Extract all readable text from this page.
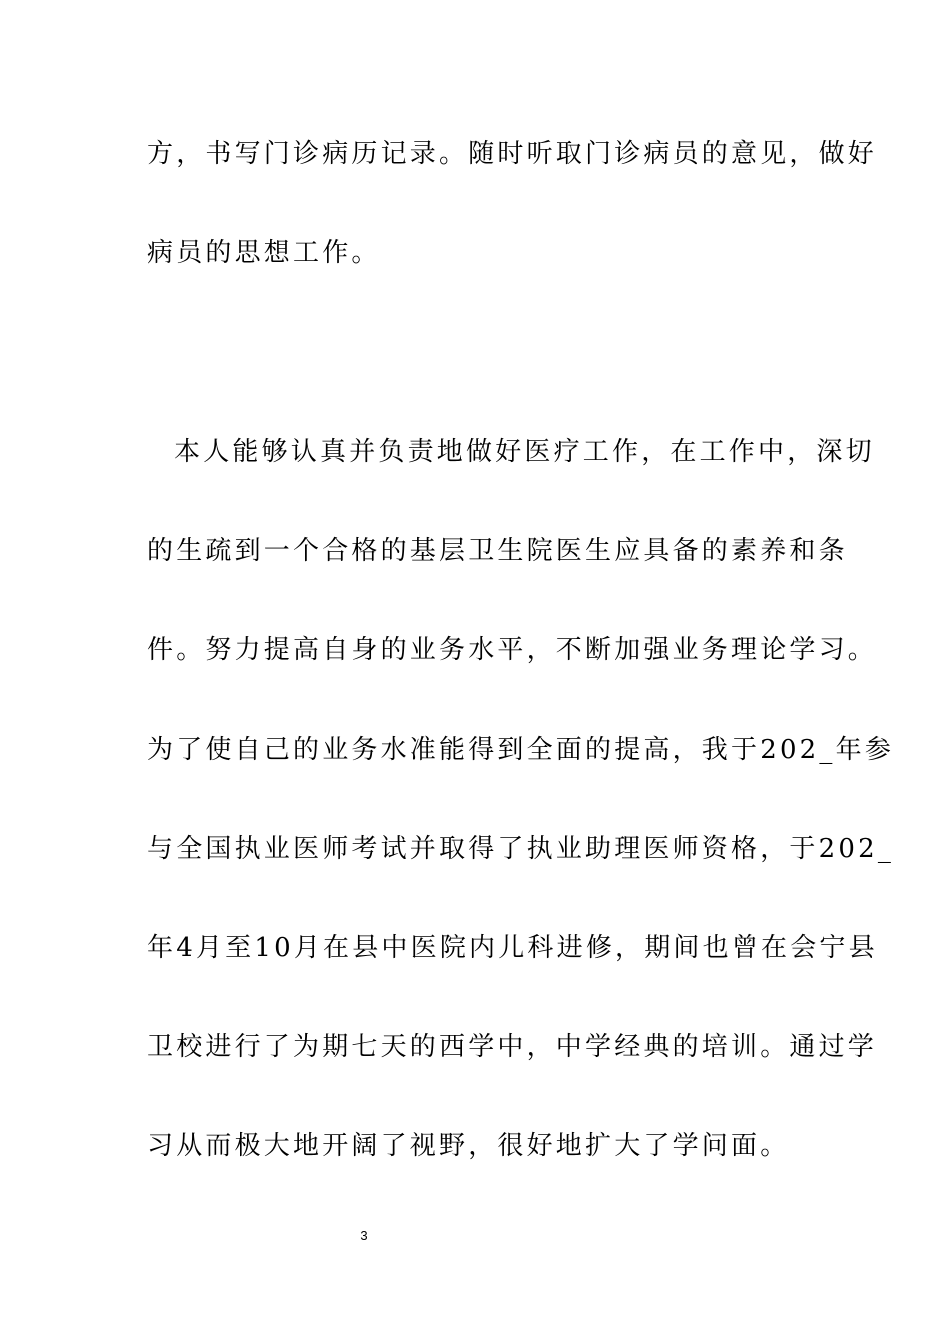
方，书写门诊病历记录。随时听取门诊病员的意见，做好
病员的思想工作。
本人能够认真并负责地做好医疗工作，在工作中，深切
的生疏到一个合格的基层卫生院医生应具备的素养和条
件。努力提高自身的业务水平，不断加强业务理论学习。
为了使自己的业务水准能得到全面的提高，我于202_年参
与全国执业医师考试并取得了执业助理医师资格，于202_
年4月至10月在县中医院内儿科进修，期间也曾在会宁县
卫校进行了为期七天的西学中，中学经典的培训。通过学
习从而极大地开阔了视野，很好地扩大了学问面。
3
